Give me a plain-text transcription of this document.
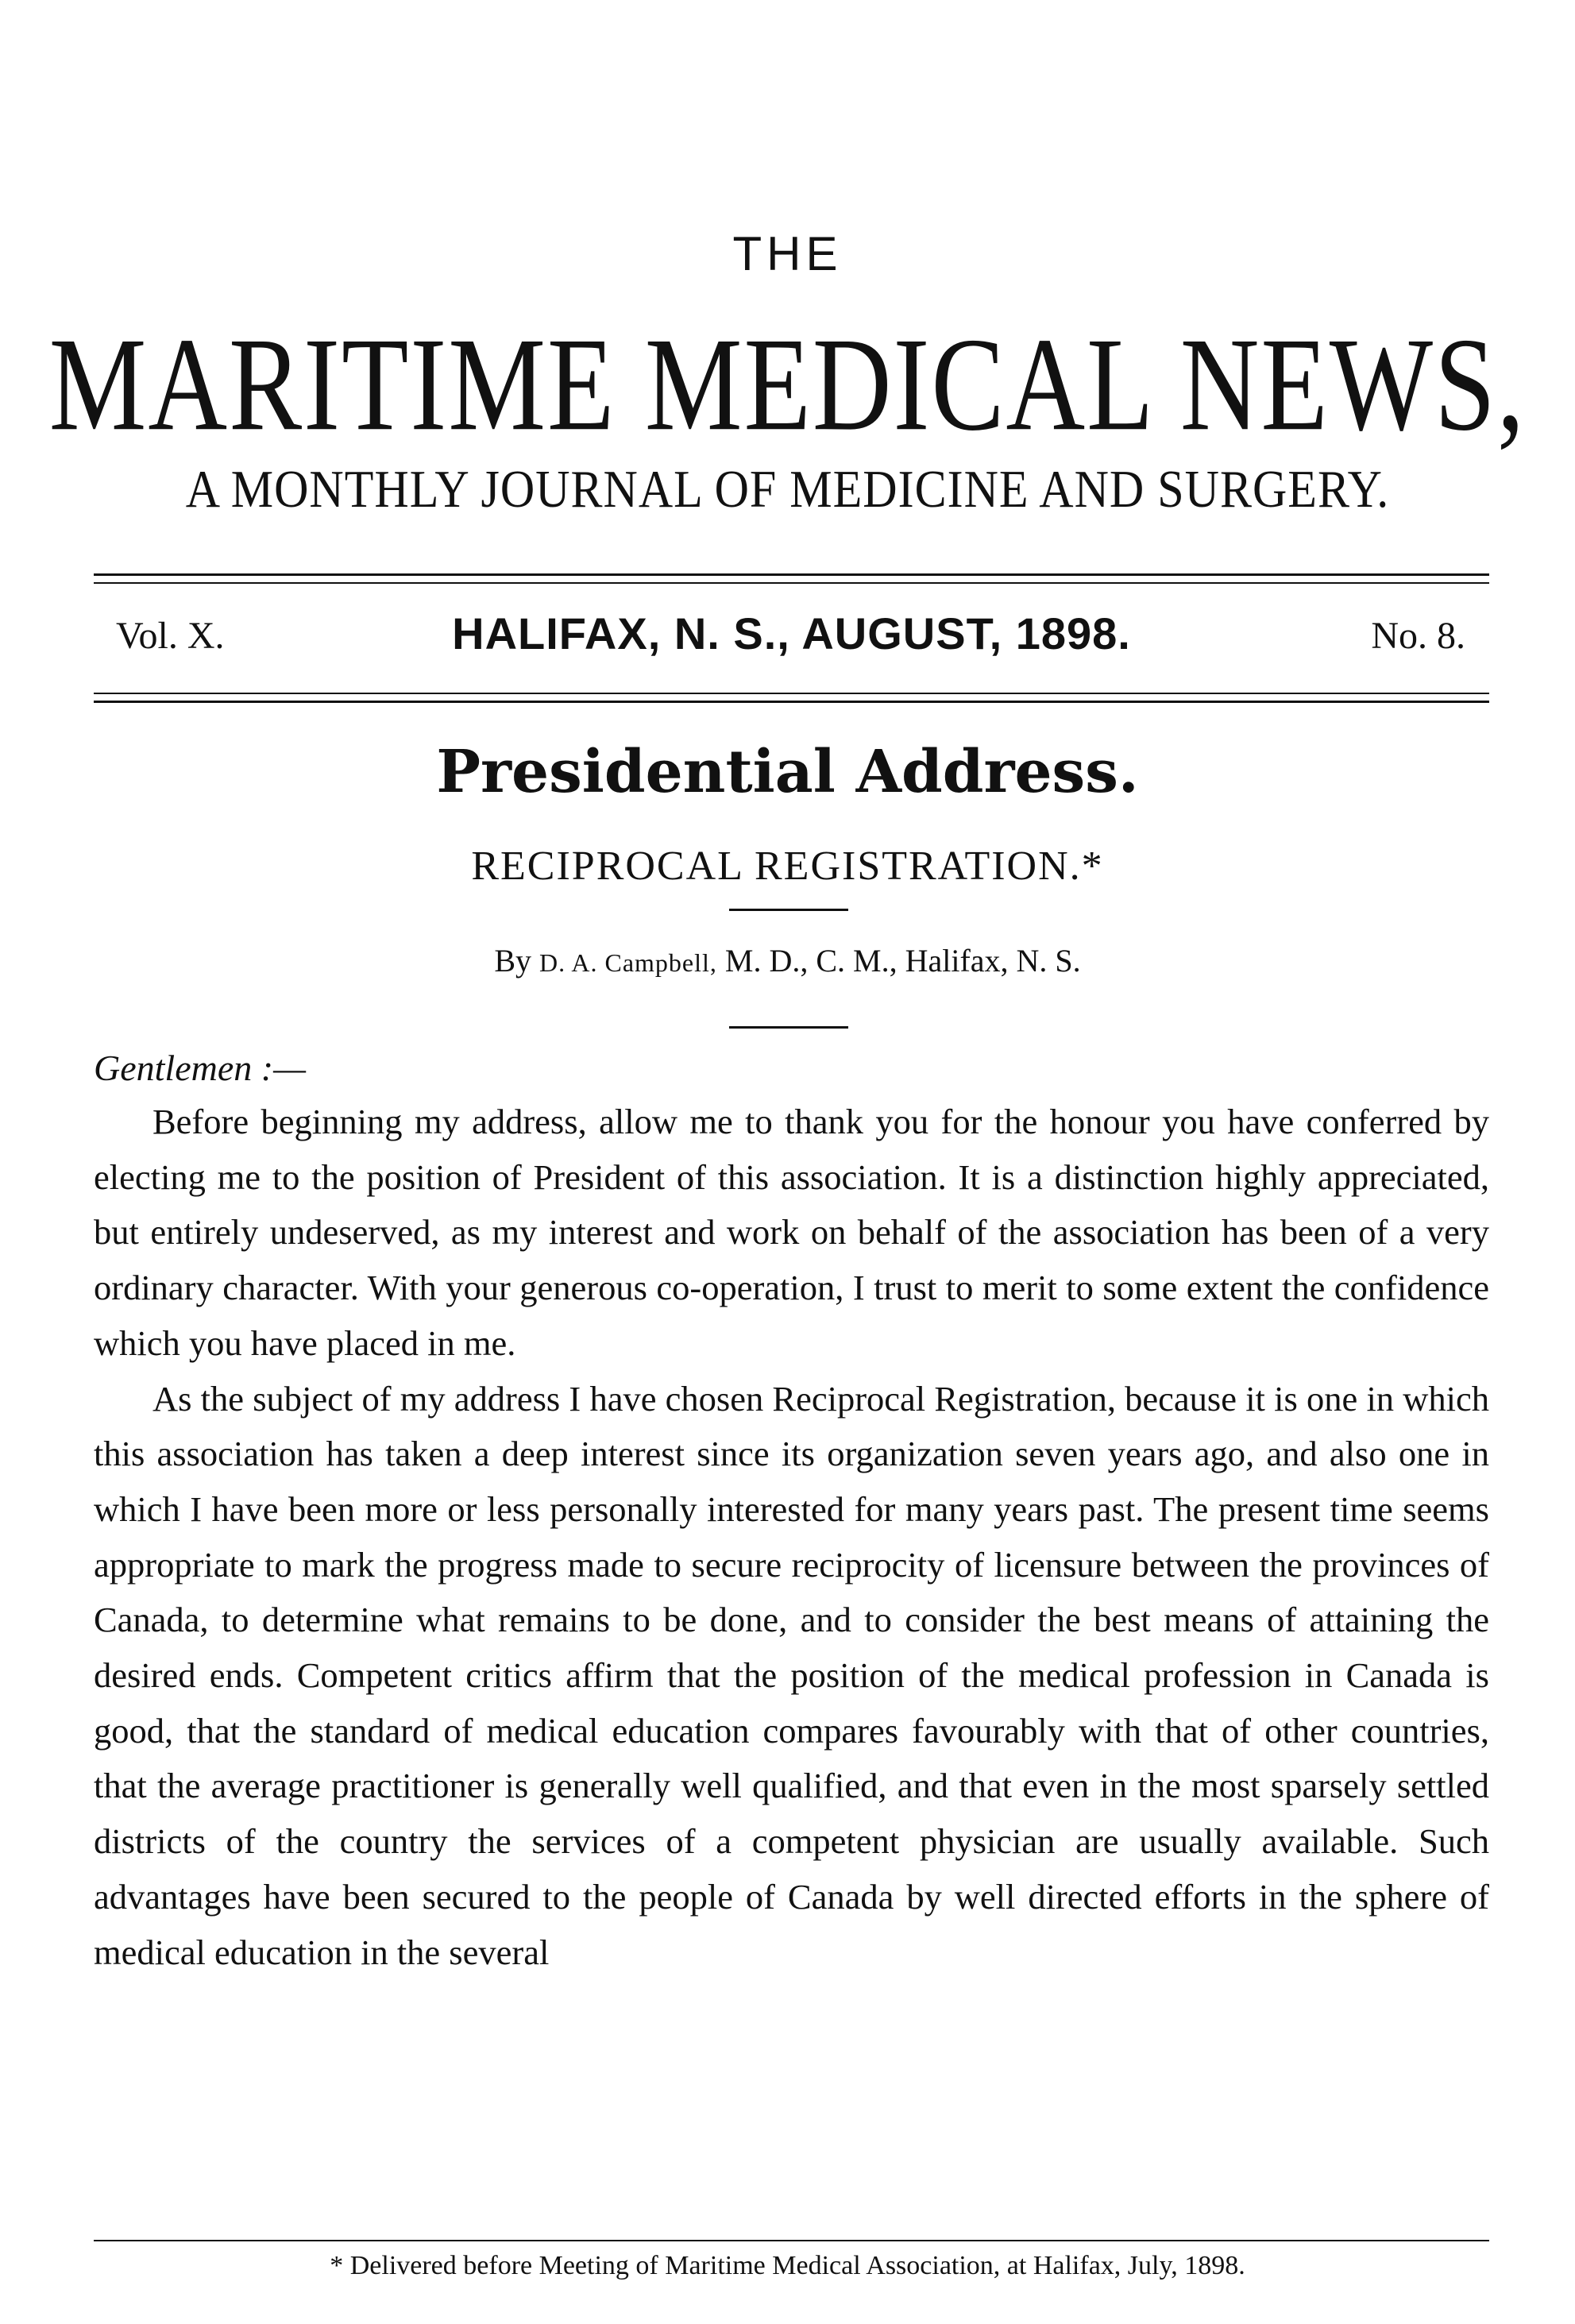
THE
MARITIME MEDICAL NEWS,
A MONTHLY JOURNAL OF MEDICINE AND SURGERY.
Vol. X.	HALIFAX, N. S., AUGUST, 1898.	No. 8.
Presidential Address.
RECIPROCAL REGISTRATION.*
By D. A. Campbell, M. D., C. M., Halifax, N. S.
Gentlemen :—

Before beginning my address, allow me to thank you for the honour you have conferred by electing me to the position of President of this association. It is a distinction highly appreciated, but entirely undeserved, as my interest and work on behalf of the association has been of a very ordinary character. With your generous co-operation, I trust to merit to some extent the confidence which you have placed in me.

As the subject of my address I have chosen Reciprocal Registration, because it is one in which this association has taken a deep interest since its organization seven years ago, and also one in which I have been more or less personally interested for many years past. The present time seems appropriate to mark the progress made to secure reciprocity of licensure between the provinces of Canada, to determine what remains to be done, and to consider the best means of attaining the desired ends. Competent critics affirm that the position of the medical profession in Canada is good, that the standard of medical education compares favourably with that of other countries, that the average practitioner is generally well qualified, and that even in the most sparsely settled districts of the country the services of a competent physician are usually available. Such advantages have been secured to the people of Canada by well directed efforts in the sphere of medical education in the several

* Delivered before Meeting of Maritime Medical Association, at Halifax, July, 1898.
